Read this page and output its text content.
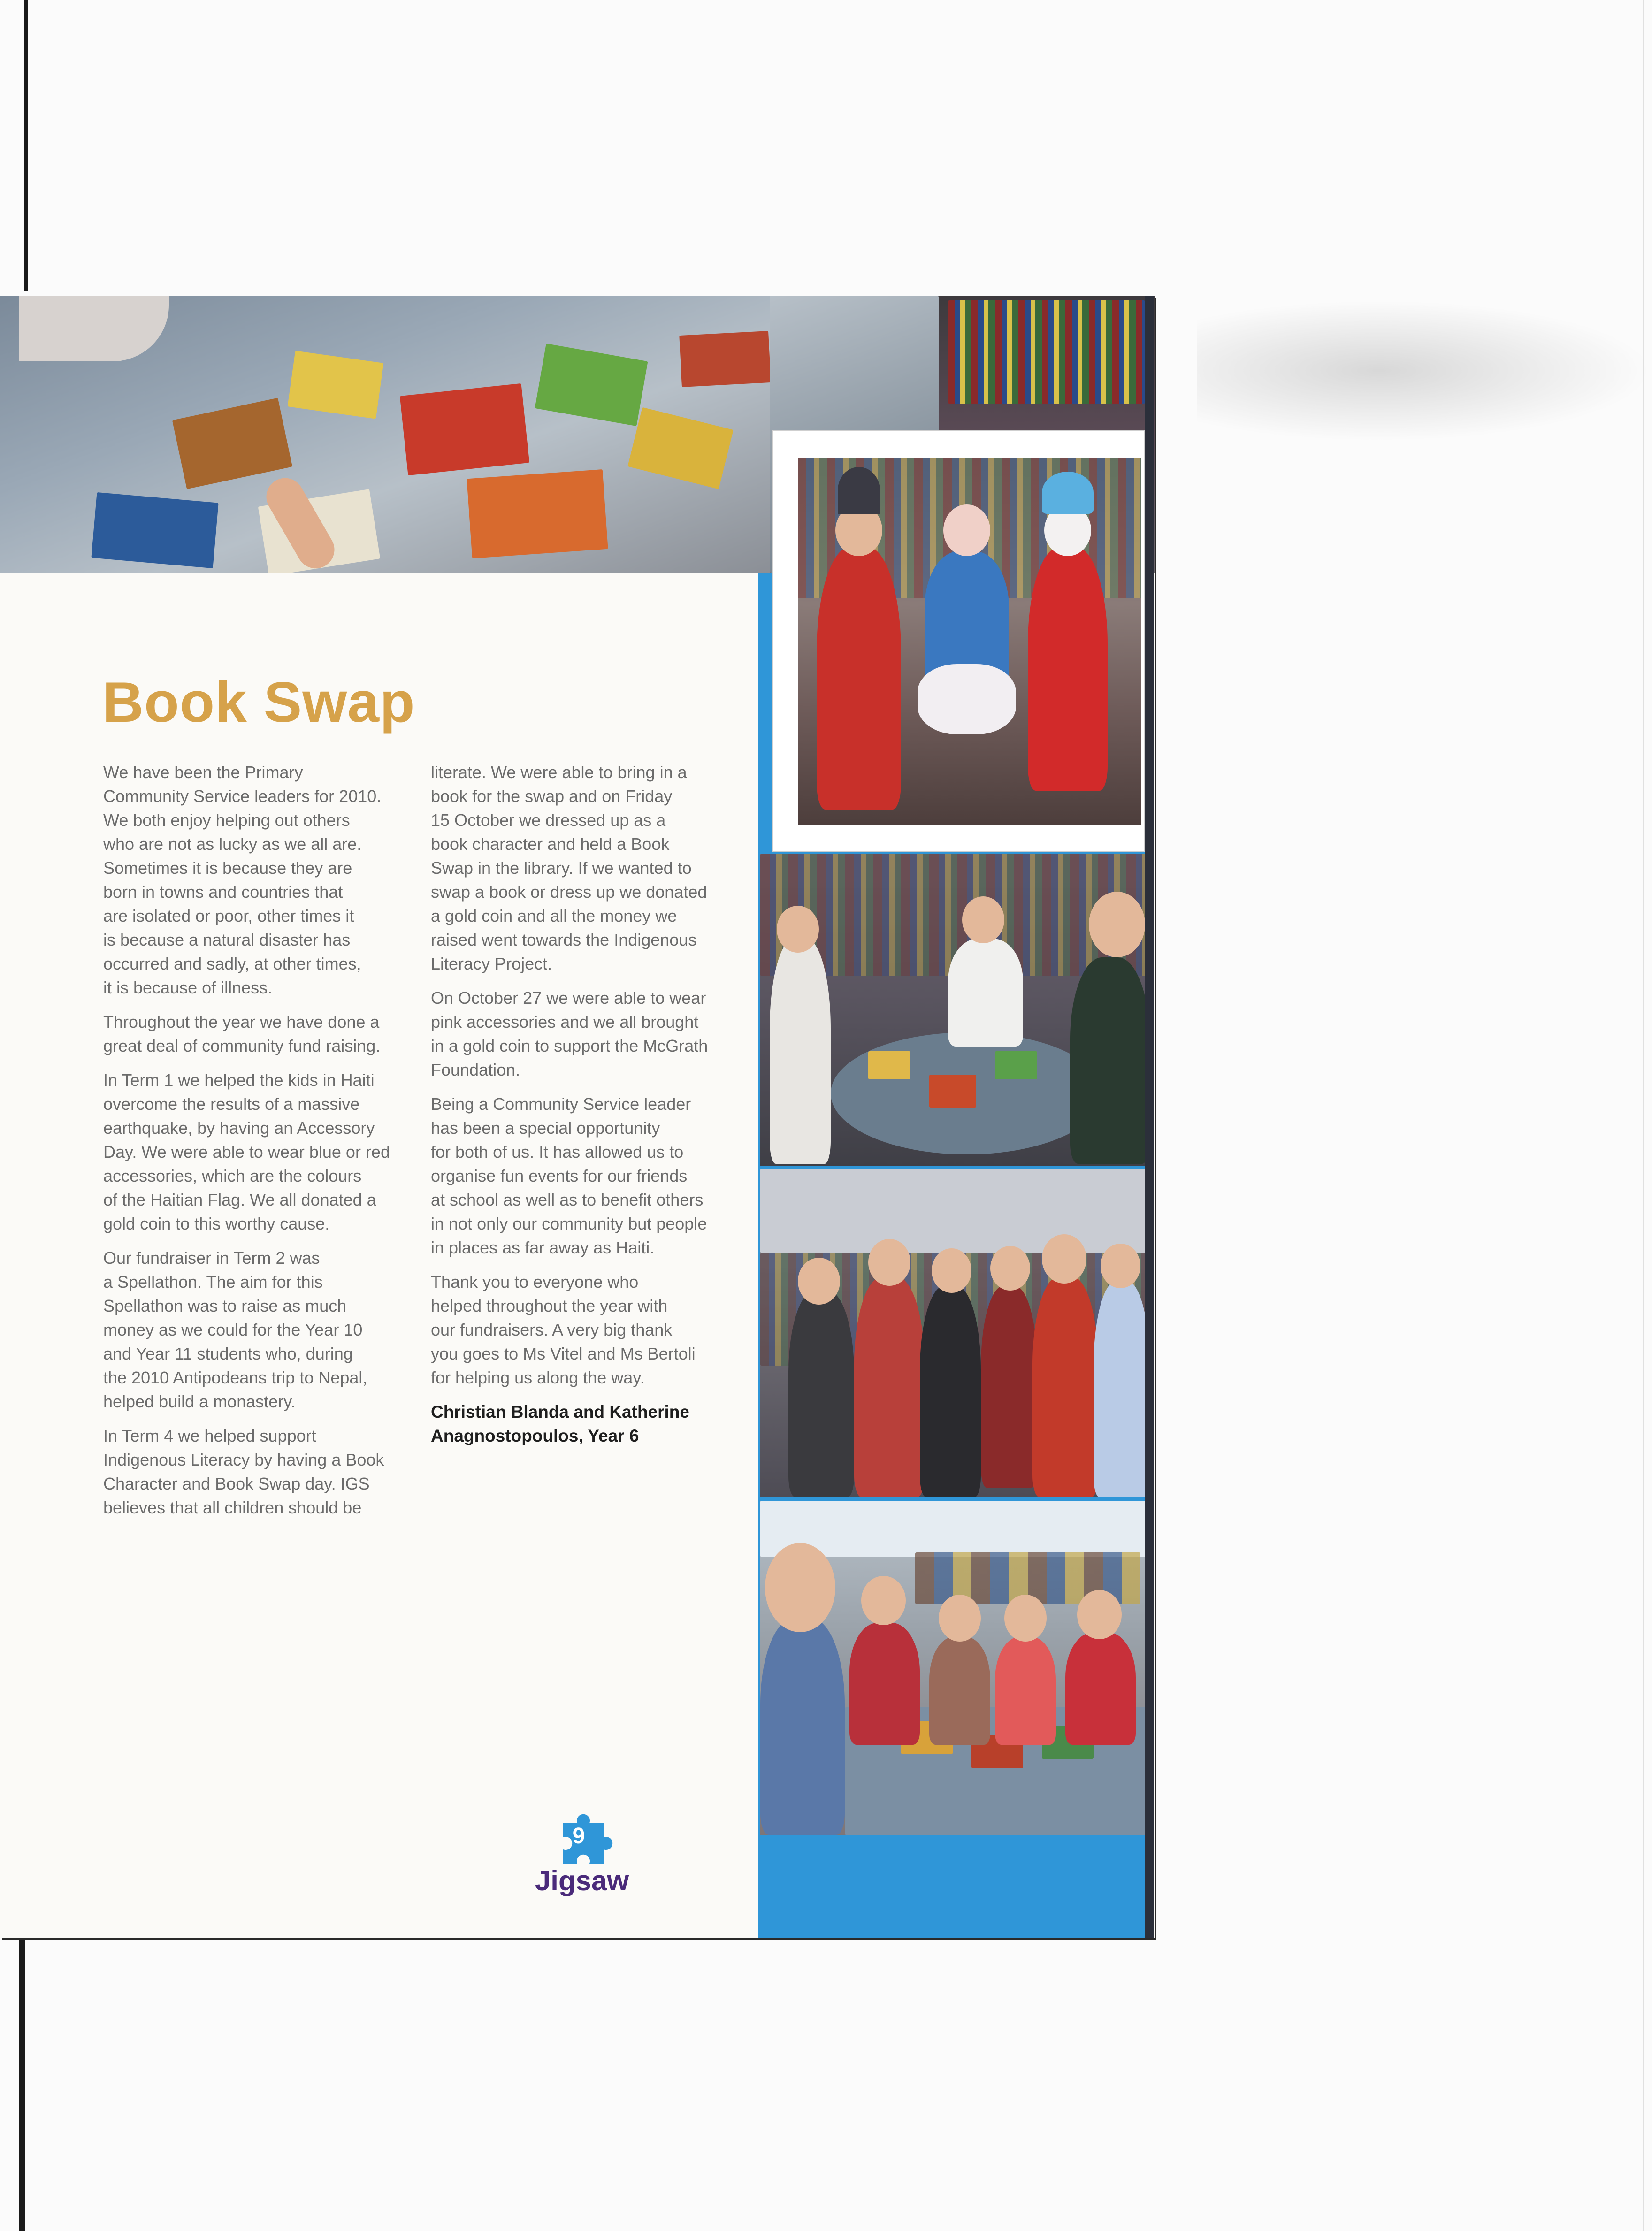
Book Swap

We have been the Primary
Community Service leaders for 2010.
We both enjoy helping out others
who are not as lucky as we all are.
Sometimes it is because they are
born in towns and countries that
are isolated or poor, other times it
is because a natural disaster has
occurred and sadly, at other times,
it is because of illness.

Throughout the year we have done a
great deal of community fund raising.

In Term 1 we helped the kids in Haiti
overcome the results of a massive
earthquake, by having an Accessory
Day. We were able to wear blue or red
accessories, which are the colours
of the Haitian Flag. We all donated a
gold coin to this worthy cause.

Our fundraiser in Term 2 was
a Spellathon. The aim for this
Spellathon was to raise as much
money as we could for the Year 10
and Year 11 students who, during
the 2010 Antipodeans trip to Nepal,
helped build a monastery.

In Term 4 we helped support
Indigenous Literacy by having a Book
Character and Book Swap day. IGS
believes that all children should be

literate. We were able to bring in a
book for the swap and on Friday
15 October we dressed up as a
book character and held a Book
Swap in the library. If we wanted to
swap a book or dress up we donated
a gold coin and all the money we
raised went towards the Indigenous
Literacy Project.

On October 27 we were able to wear
pink accessories and we all brought
in a gold coin to support the McGrath
Foundation.

Being a Community Service leader
has been a special opportunity
for both of us. It has allowed us to
organise fun events for our friends
at school as well as to benefit others
in not only our community but people
in places as far away as Haiti.

Thank you to everyone who
helped throughout the year with
our fundraisers. A very big thank
you goes to Ms Vitel and Ms Bertoli
for helping us along the way.

Christian Blanda and Katherine
Anagnostopoulos, Year 6

9
Jigsaw
